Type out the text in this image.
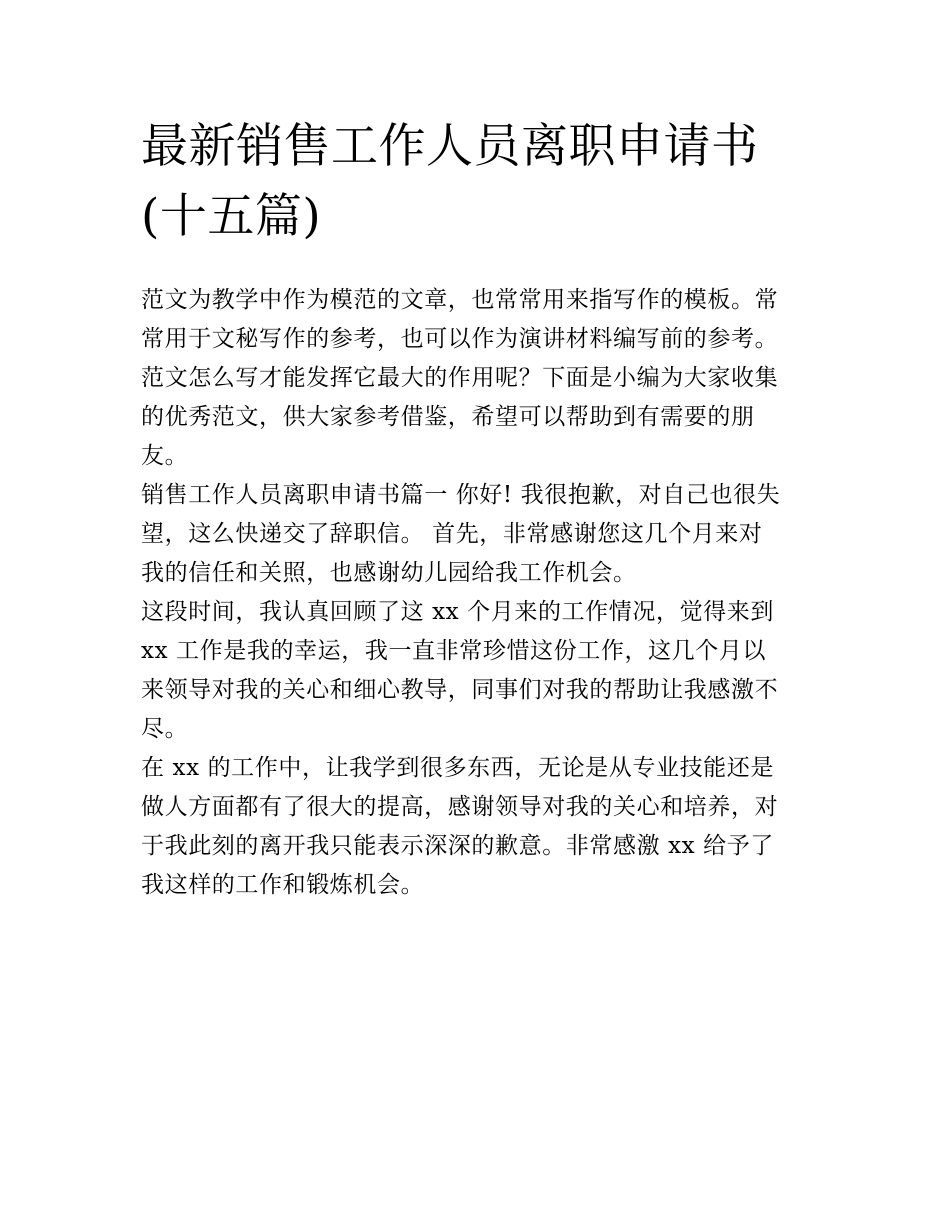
最新销售工作人员离职申请书
(十五篇)
范文为教学中作为模范的文章，也常常用来指写作的模板。常
常用于文秘写作的参考，也可以作为演讲材料编写前的参考。
范文怎么写才能发挥它最大的作用呢？下面是小编为大家收集
的优秀范文，供大家参考借鉴，希望可以帮助到有需要的朋
友。
销售工作人员离职申请书篇一 你好! 我很抱歉，对自己也很失
望，这么快递交了辞职信。 首先，非常感谢您这几个月来对
我的信任和关照，也感谢幼儿园给我工作机会。
这段时间，我认真回顾了这 xx 个月来的工作情况，觉得来到
xx 工作是我的幸运，我一直非常珍惜这份工作，这几个月以
来领导对我的关心和细心教导，同事们对我的帮助让我感激不
尽。
在 xx 的工作中，让我学到很多东西，无论是从专业技能还是
做人方面都有了很大的提高，感谢领导对我的关心和培养，对
于我此刻的离开我只能表示深深的歉意。非常感激 xx 给予了
我这样的工作和锻炼机会。
